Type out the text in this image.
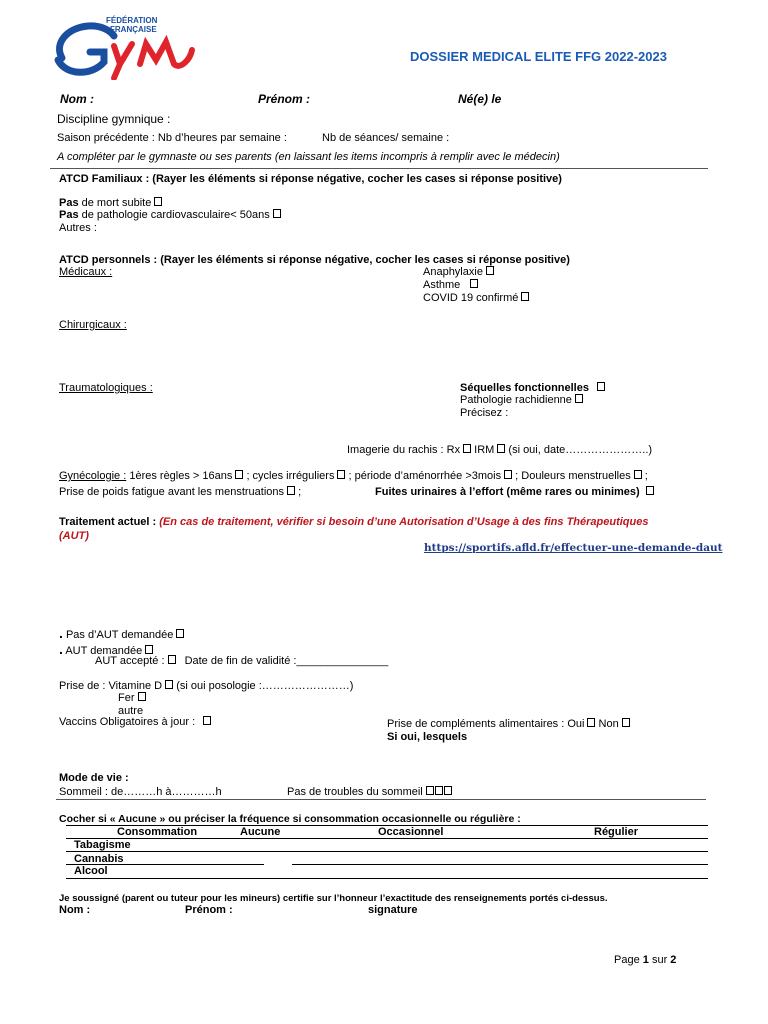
FÉDÉRATION
FRANÇAISE
DOSSIER MEDICAL ELITE FFG 2022-2023
Nom :	Prénom :	Né(e) le
Discipline gymnique :
Saison précédente : Nb d’heures par semaine :	Nb de séances/ semaine :
A compléter par le gymnaste ou ses parents (en laissant les items incompris à remplir avec le médecin)
ATCD Familiaux : (Rayer les éléments si réponse négative, cocher les cases si réponse positive)
Pas de mort subite
Pas de pathologie cardiovasculaire< 50ans
Autres :
ATCD personnels : (Rayer les éléments si réponse négative, cocher les cases si réponse positive)
Médicaux :	Anaphylaxie
Asthme
COVID 19 confirmé
Chirurgicaux :
Traumatologiques :	Séquelles fonctionnelles
Pathologie rachidienne
Précisez :
Imagerie du rachis : Rx IRM (si oui, date…………………..)
Gynécologie : 1ères règles > 16ans ; cycles irréguliers ; période d’aménorrhée >3mois ; Douleurs menstruelles ;
Prise de poids fatigue avant les menstruations ;	Fuites urinaires à l’effort (même rares ou minimes)
Traitement actuel : (En cas de traitement, vérifier si besoin d’une Autorisation d’Usage à des fins Thérapeutiques
(AUT)
https://sportifs.afld.fr/effectuer-une-demande-daut
. Pas d’AUT demandée
. AUT demandée
AUT accepté : Date de fin de validité :_______________
Prise de : Vitamine D (si oui posologie :……………………)
Fer
autre
Vaccins Obligatoires à jour :	Prise de compléments alimentaires : Oui Non
Si oui, lesquels
Mode de vie :
Sommeil : de………h à…………h	Pas de troubles du sommeil
Cocher si « Aucune » ou préciser la fréquence si consommation occasionnelle ou régulière :
Consommation	Aucune	Occasionnel	Régulier
Tabagisme
Cannabis
Alcool
Je soussigné (parent ou tuteur pour les mineurs) certifie sur l’honneur l’exactitude des renseignements portés ci-dessus.
Nom :	Prénom :	signature
Page 1 sur 2
